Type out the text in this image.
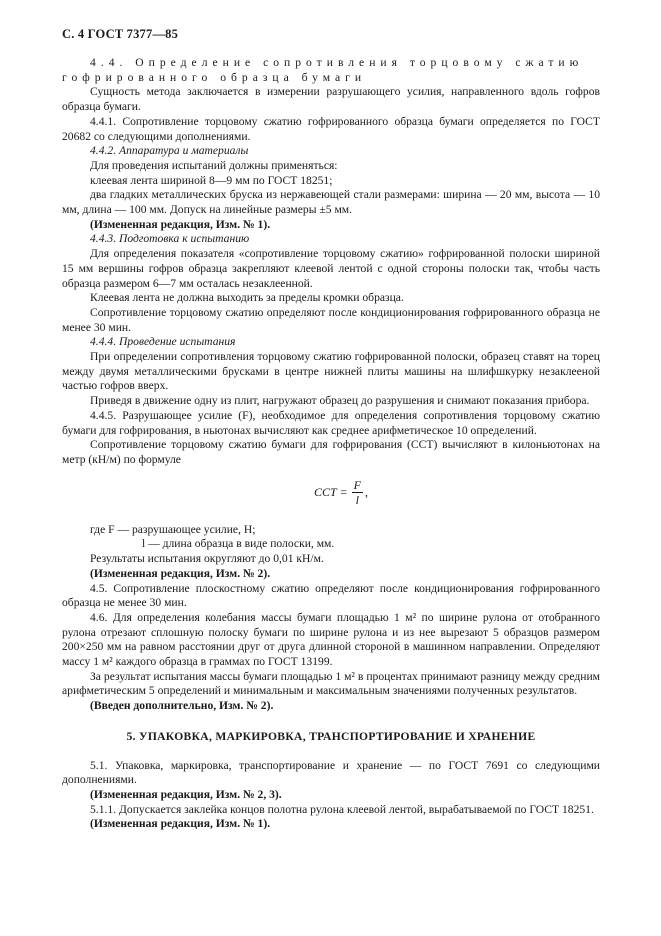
С. 4 ГОСТ 7377—85

4.4. Определение сопротивления торцовому сжатию

гофрированного образца бумаги

Сущность метода заключается в измерении разрушающего усилия, направленного вдоль гофров образца бумаги.

4.4.1. Сопротивление торцовому сжатию гофрированного образца бумаги определяется по ГОСТ 20682 со следующими дополнениями.

4.4.2. Аппаратура и материалы

Для проведения испытаний должны применяться:

клеевая лента шириной 8—9 мм по ГОСТ 18251;

два гладких металлических бруска из нержавеющей стали размерами: ширина — 20 мм, высота — 10 мм, длина — 100 мм. Допуск на линейные размеры ±5 мм.

(Измененная редакция, Изм. № 1).

4.4.3. Подготовка к испытанию

Для определения показателя «сопротивление торцовому сжатию» гофрированной полоски шириной 15 мм вершины гофров образца закрепляют клеевой лентой с одной стороны полоски так, чтобы часть образца размером 6—7 мм осталась незаклеенной.

Клеевая лента не должна выходить за пределы кромки образца.

Сопротивление торцовому сжатию определяют после кондиционирования гофрированного образца не менее 30 мин.

4.4.4. Проведение испытания

При определении сопротивления торцовому сжатию гофрированной полоски, образец ставят на торец между двумя металлическими брусками в центре нижней плиты машины на шлифшкурку незаклееной частью гофров вверх.

Приведя в движение одну из плит, нагружают образец до разрушения и снимают показания прибора.

4.4.5. Разрушающее усилие (F), необходимое для определения сопротивления торцовому сжатию бумаги для гофрирования, в ньютонах вычисляют как среднее арифметическое 10 определений.

Сопротивление торцовому сжатию бумаги для гофрирования (ССТ) вычисляют в килоньютонах на метр (кН/м) по формуле

CCT = $\frac{F}{l}$ ,

где F — разрушающее усилие, Н;

l — длина образца в виде полоски, мм.

Результаты испытания округляют до 0,01 кН/м.

(Измененная редакция, Изм. № 2).

4.5. Сопротивление плоскостному сжатию определяют после кондиционирования гофрированного образца не менее 30 мин.

4.6. Для определения колебания массы бумаги площадью 1 м² по ширине рулона от отобранного рулона отрезают сплошную полоску бумаги по ширине рулона и из нее вырезают 5 образцов размером 200×250 мм на равном расстоянии друг от друга длинной стороной в машинном направлении. Определяют массу 1 м² каждого образца в граммах по ГОСТ 13199.

За результат испытания массы бумаги площадью 1 м² в процентах принимают разницу между средним арифметическим 5 определений и минимальным и максимальным значениями полученных результатов.

(Введен дополнительно, Изм. № 2).

5. УПАКОВКА, МАРКИРОВКА, ТРАНСПОРТИРОВАНИЕ И ХРАНЕНИЕ

5.1. Упаковка, маркировка, транспортирование и хранение — по ГОСТ 7691 со следующими дополнениями.

(Измененная редакция, Изм. № 2, 3).

5.1.1. Допускается заклейка концов полотна рулона клеевой лентой, вырабатываемой по ГОСТ 18251.

(Измененная редакция, Изм. № 1).
